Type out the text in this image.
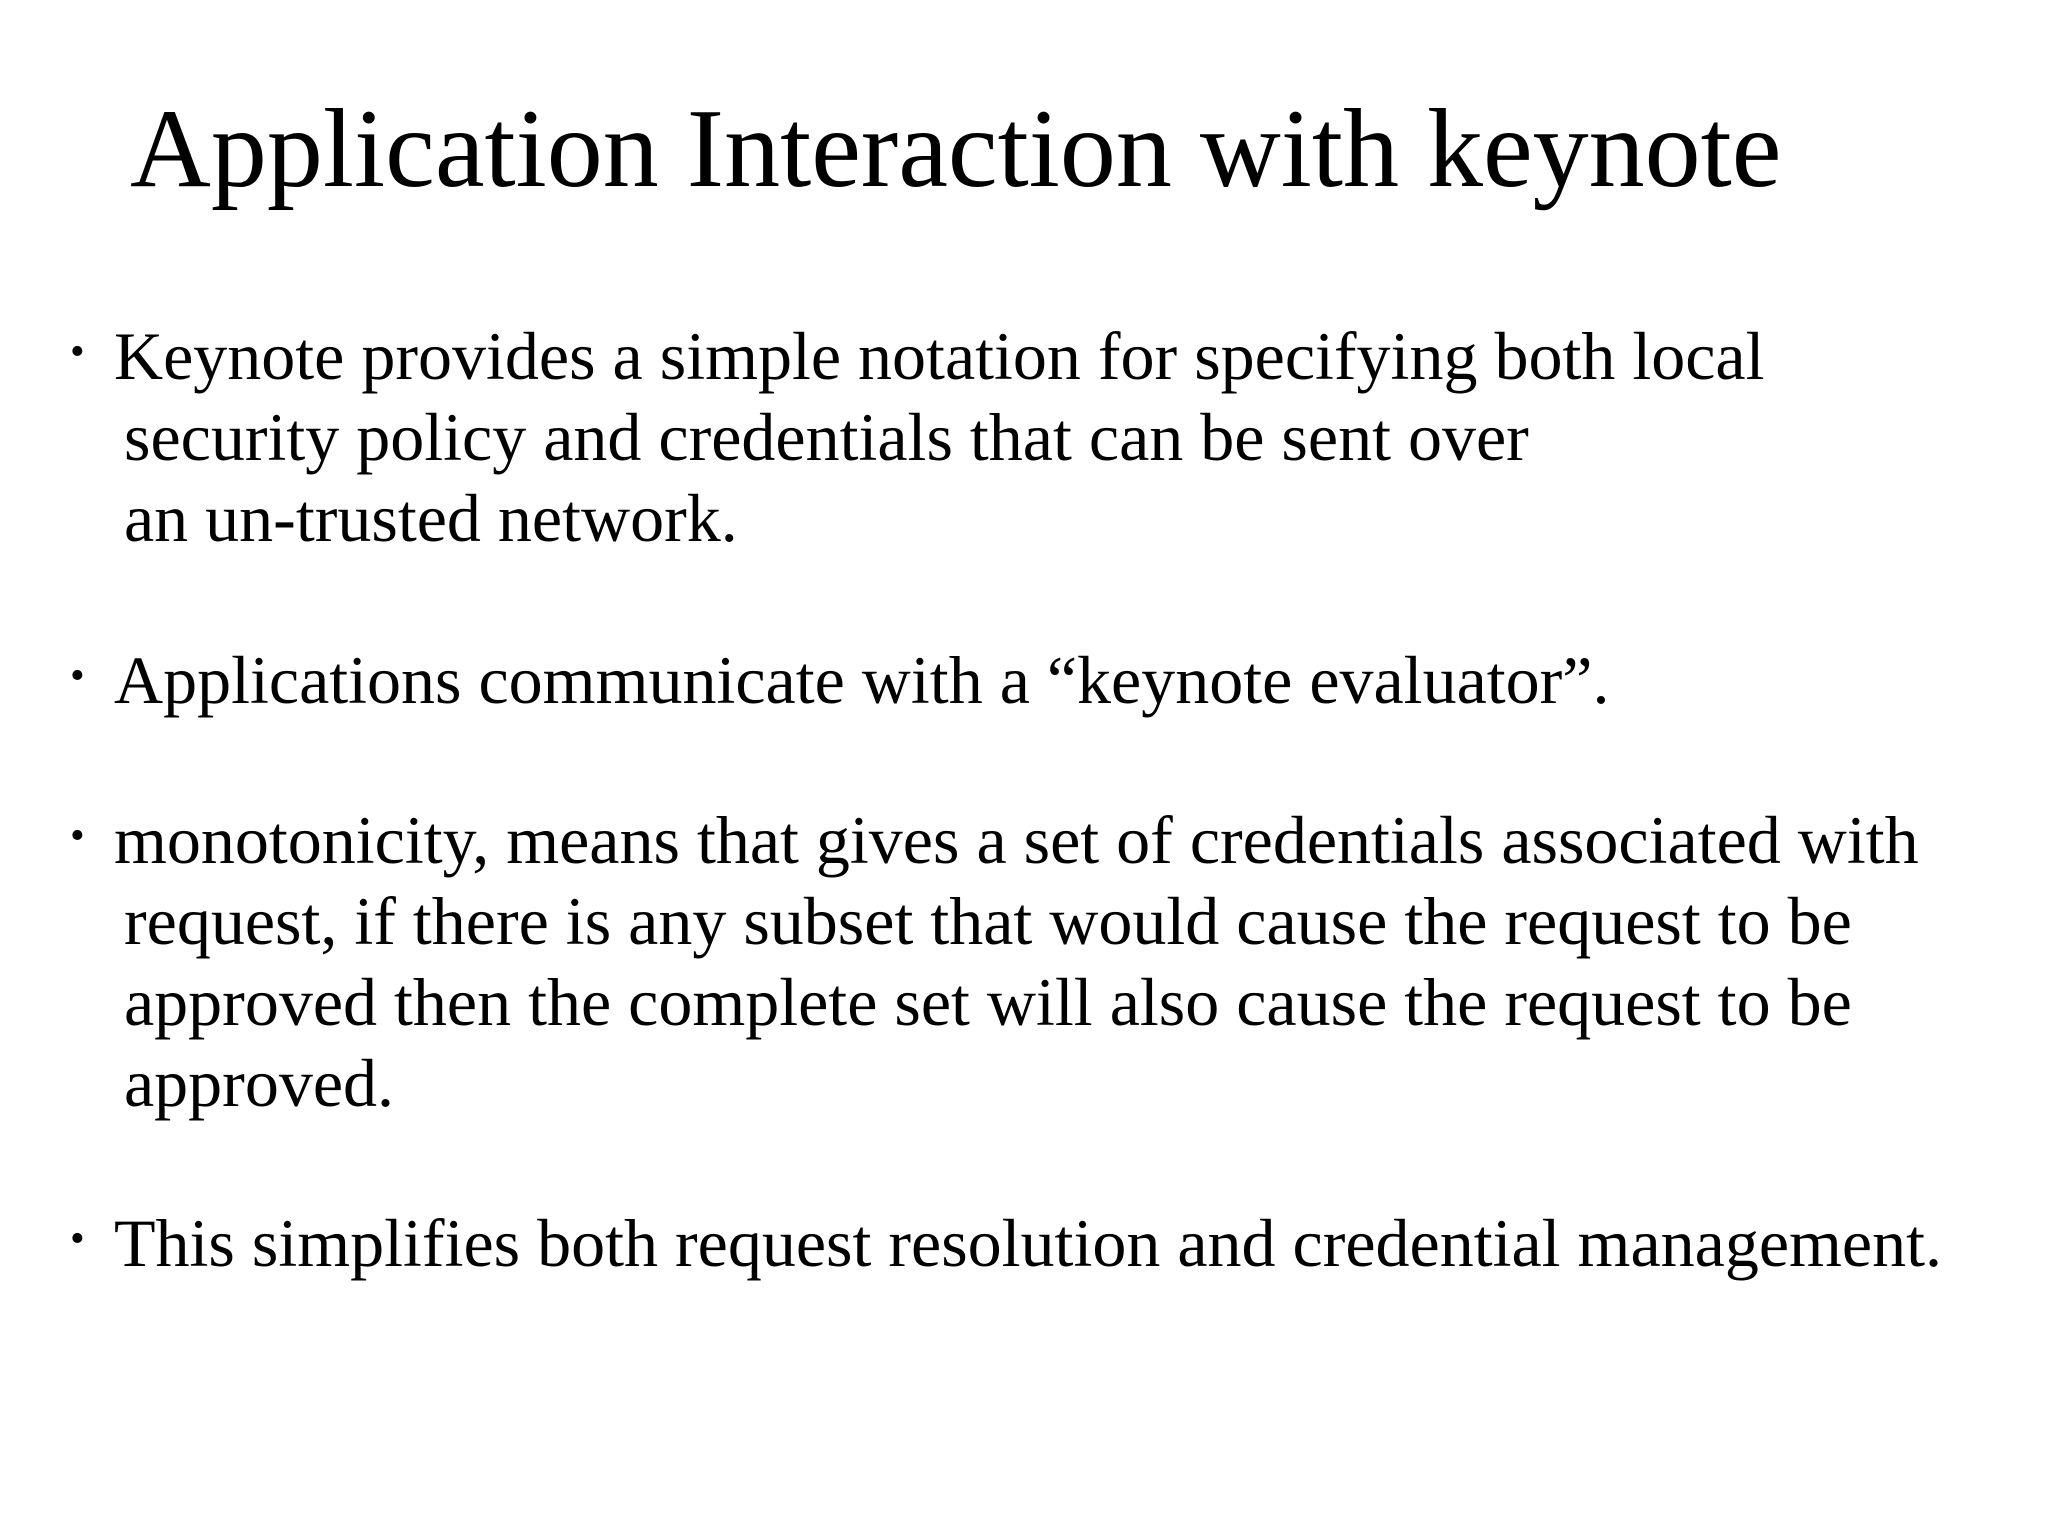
Application Interaction with keynote
• Keynote provides a simple notation for specifying both local
security policy and credentials that can be sent over
an un-trusted network.
• Applications communicate with a “keynote evaluator”.
• monotonicity, means that gives a set of credentials associated with
request, if there is any subset that would cause the request to be
approved then the complete set will also cause the request to be
approved.
• This simplifies both request resolution and credential management.
